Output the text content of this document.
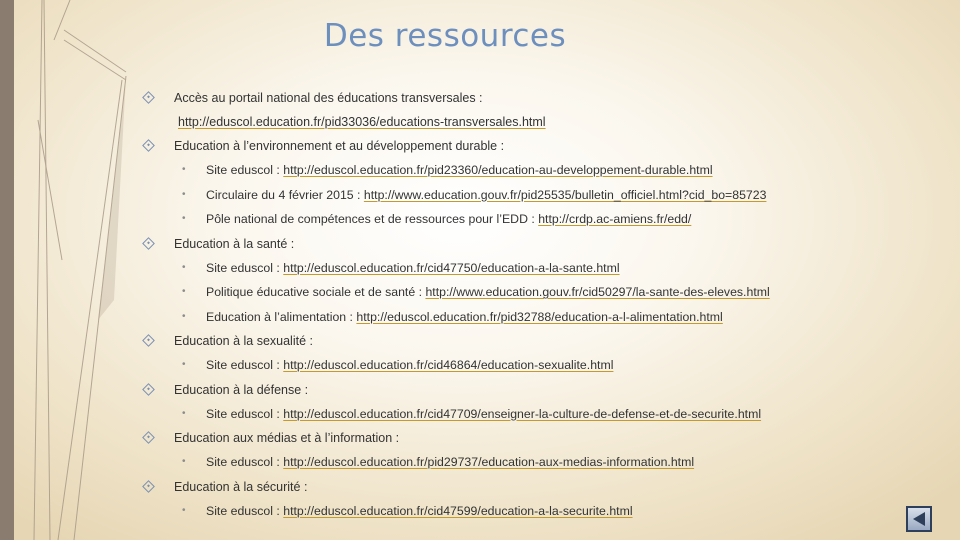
Des ressources
Accès au portail national des éducations transversales :
http://eduscol.education.fr/pid33036/educations-transversales.html
Education à l’environnement et au développement durable :
• Site eduscol : http://eduscol.education.fr/pid23360/education-au-developpement-durable.html
• Circulaire du 4 février 2015 : http://www.education.gouv.fr/pid25535/bulletin_officiel.html?cid_bo=85723
• Pôle national de compétences et de ressources pour l’EDD : http://crdp.ac-amiens.fr/edd/
Education à la santé :
• Site eduscol : http://eduscol.education.fr/cid47750/education-a-la-sante.html
• Politique éducative sociale et de santé : http://www.education.gouv.fr/cid50297/la-sante-des-eleves.html
• Education à l’alimentation : http://eduscol.education.fr/pid32788/education-a-l-alimentation.html
Education à la sexualité :
• Site eduscol : http://eduscol.education.fr/cid46864/education-sexualite.html
Education à la défense :
• Site eduscol : http://eduscol.education.fr/cid47709/enseigner-la-culture-de-defense-et-de-securite.html
Education aux médias et à l’information :
• Site eduscol : http://eduscol.education.fr/pid29737/education-aux-medias-information.html
Education à la sécurité :
• Site eduscol : http://eduscol.education.fr/cid47599/education-a-la-securite.html
